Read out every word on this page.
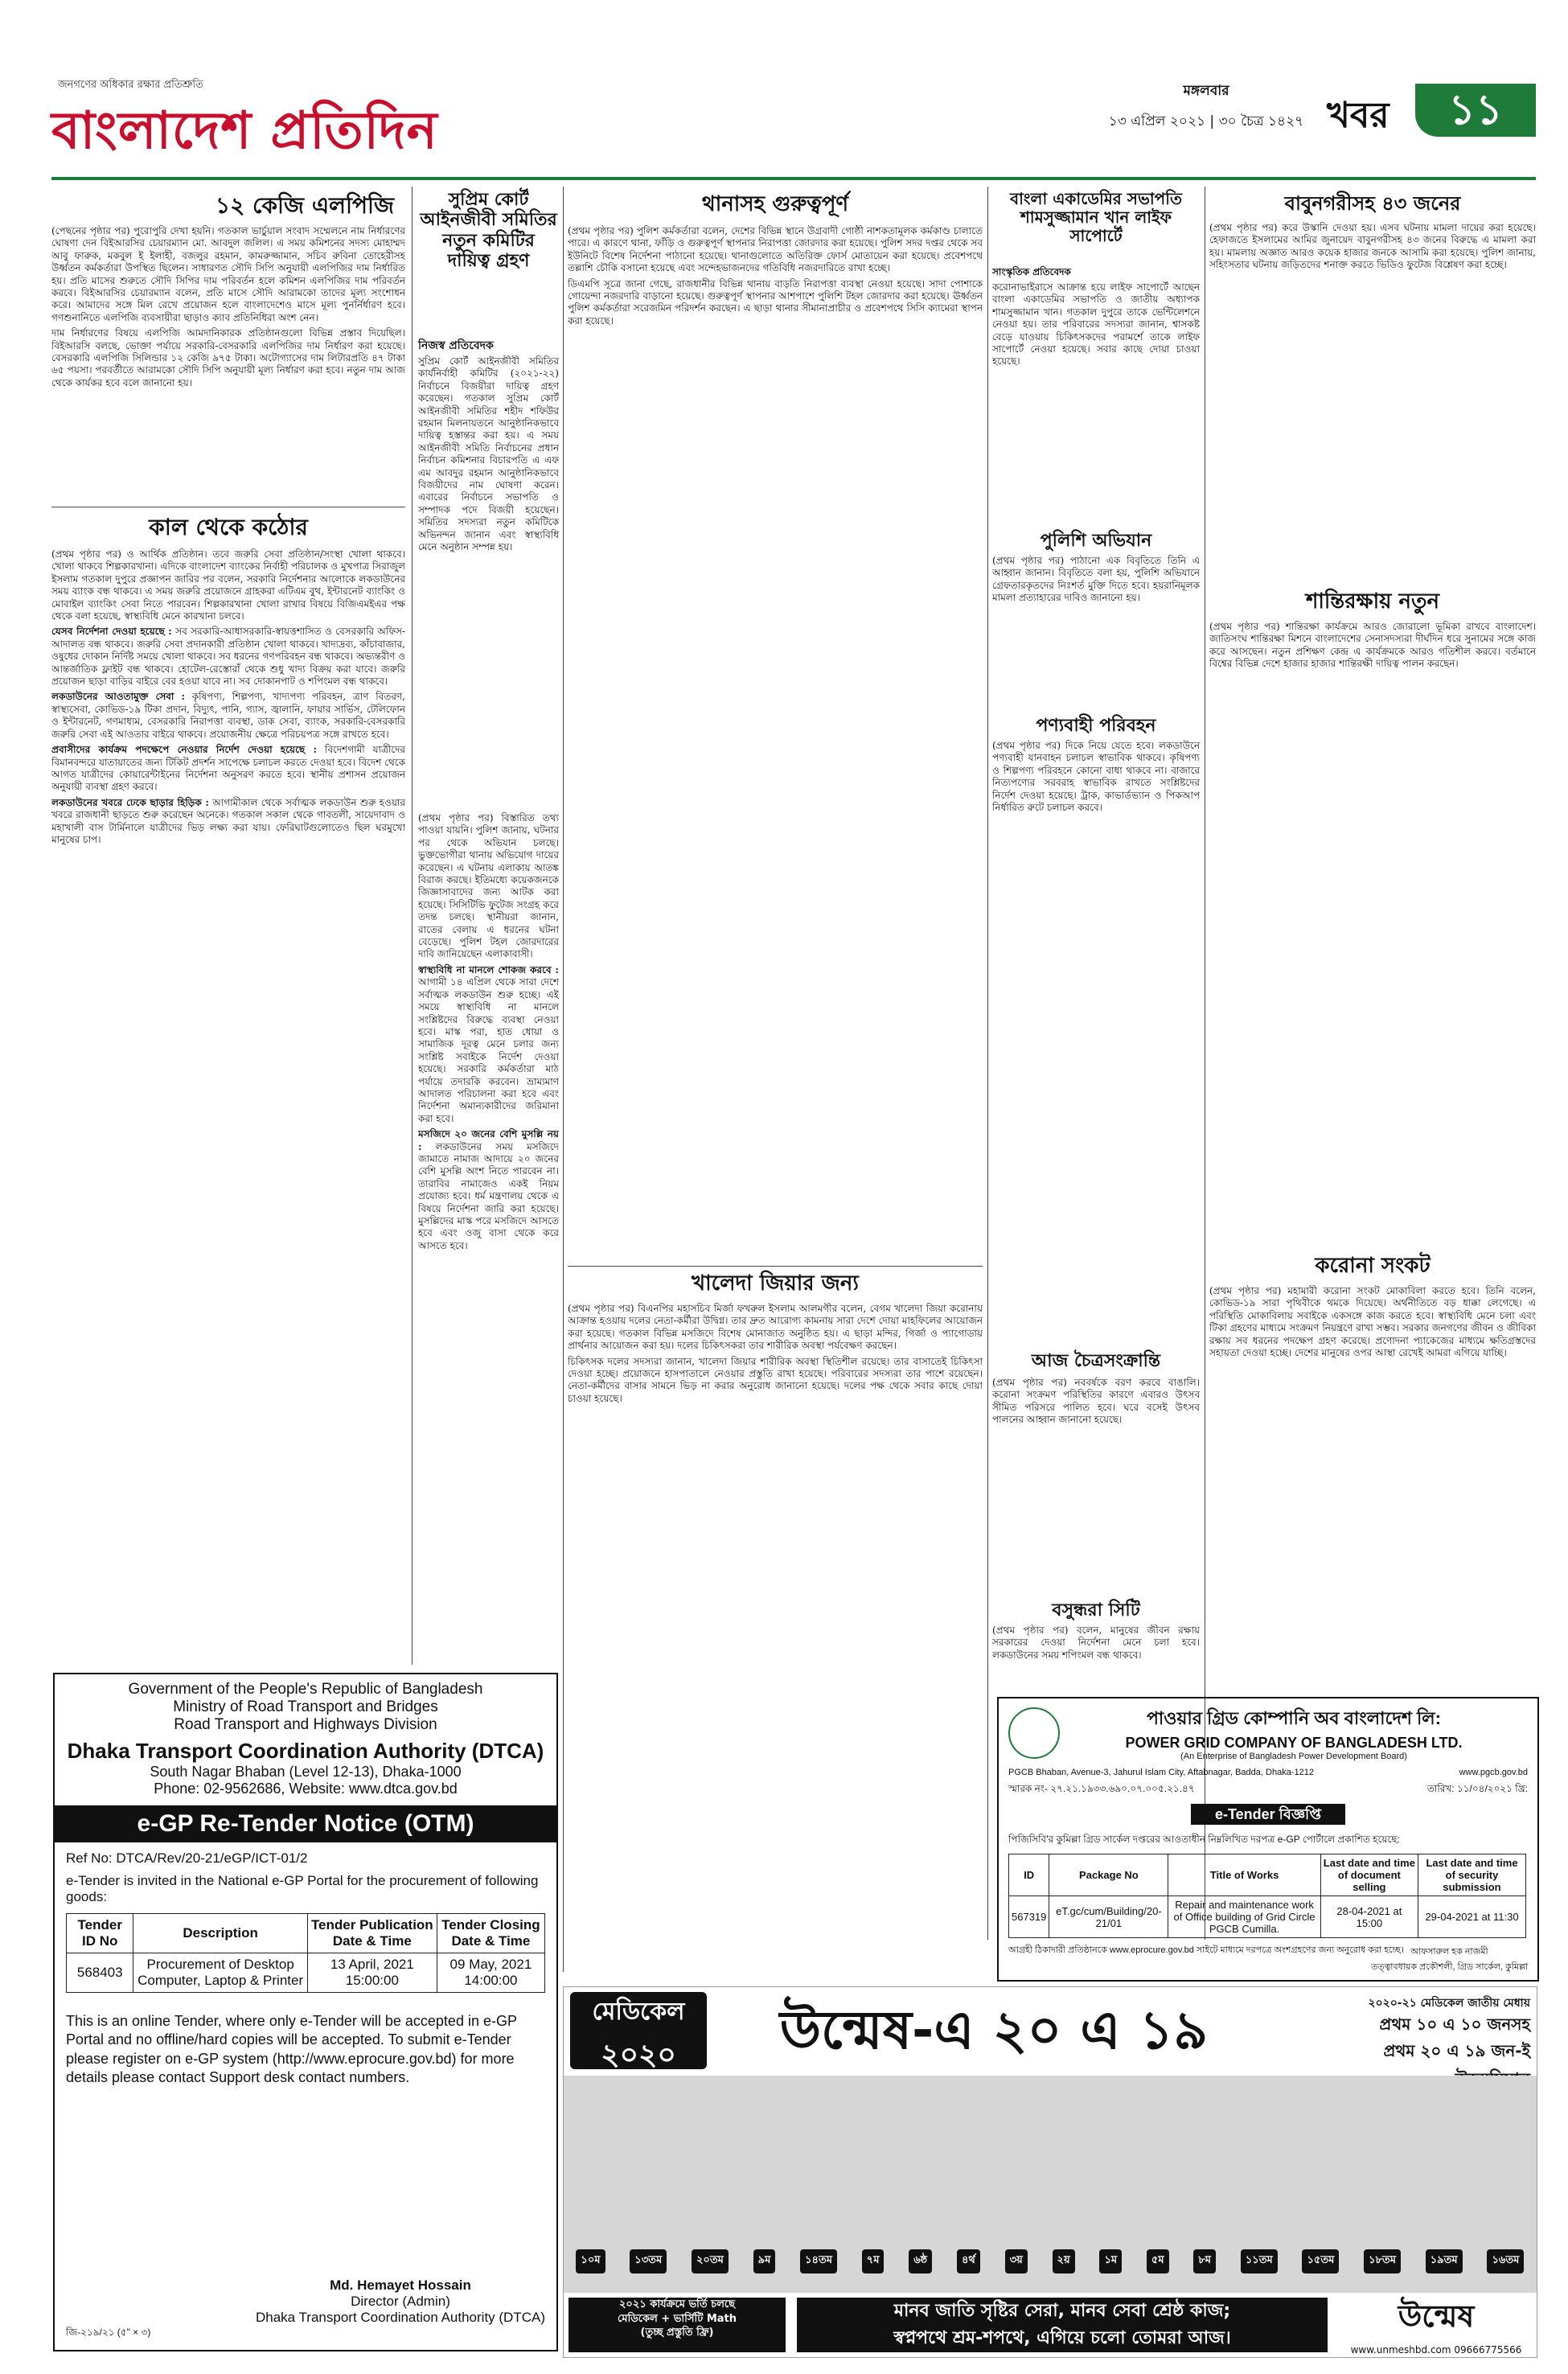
জনগণের অধিকার রক্ষার প্রতিশ্রুতি
বাংলাদেশ প্রতিদিন
মঙ্গলবার
১৩ এপ্রিল ২০২১ | ৩০ চৈত্র ১৪২৭ খবর	১১
১২ কেজি এলপিজি

(পেছনের পৃষ্ঠার পর) পুরোপুরি দেখা হয়নি। গতকাল ভার্চুয়াল সংবাদ সম্মেলনে নাম নির্ধারণের ঘোষণা দেন বিইআরসির চেয়ারম্যান মো. আবদুল জলিল। এ সময় কমিশনের সদস্য মোহাম্মদ আবু ফারুক, মকবুল ই ইলাহী, বজলুর রহমান, কামরুজ্জামান, সচিব রুবিনা তোহেরীসহ উর্ধ্বতন কর্মকর্তারা উপস্থিত ছিলেন। সাধারণত সৌদি সিপি অনুযায়ী এলপিজির দাম নির্ধারিত হয়। প্রতি মাসের শুরুতে সৌদি সিপির দাম পরিবর্তন হলে কমিশন এলপিজির দাম পরিবর্তন করবে। বিইআরসির চেয়ারম্যান বলেন, প্রতি মাসে সৌদি আরামকো তাদের মূল্য সংশোধন করে। আমাদের সঙ্গে মিল রেখে প্রয়োজন হলে বাংলাদেশেও মাসে মূল্য পুনর্নির্ধারণ হবে। গণশুনানিতে এলপিজি ব্যবসায়ীরা ছাড়াও ক্যাব প্রতিনিধিরা অংশ নেন।

দাম নির্ধারণের বিষয়ে এলপিজি আমদানিকারক প্রতিষ্ঠানগুলো বিভিন্ন প্রস্তাব দিয়েছিল। বিইআরসি বলছে, ভোক্তা পর্যায়ে সরকারি-বেসরকারি এলপিজির দাম নির্ধারণ করা হয়েছে। বেসরকারি এলপিজি সিলিন্ডার ১২ কেজি ৯৭৫ টাকা। অটোগ্যাসের দাম লিটারপ্রতি ৪৭ টাকা ৬৫ পয়সা। পরবর্তীতে আরামকো সৌদি সিপি অনুযায়ী মূল্য নির্ধারণ করা হবে। নতুন দাম আজ থেকে কার্যকর হবে বলে জানানো হয়।

কাল থেকে কঠোর

(প্রথম পৃষ্ঠার পর) ও আর্থিক প্রতিষ্ঠান। তবে জরুরি সেবা প্রতিষ্ঠান/সংস্থা খোলা থাকবে। খোলা থাকবে শিল্পকারখানা। এদিকে বাংলাদেশ ব্যাংকের নির্বাহী পরিচালক ও মুখপাত্র সিরাজুল ইসলাম গতকাল দুপুরে প্রজ্ঞাপন জারির পর বলেন, সরকারি নির্দেশনার আলোকে লকডাউনের সময় ব্যাংক বন্ধ থাকবে। এ সময় জরুরি প্রয়োজনে গ্রাহকরা এটিএম বুথ, ইন্টারনেট ব্যাংকিং ও মোবাইল ব্যাংকিং সেবা নিতে পারবেন। শিল্পকারখানা খোলা রাখার বিষয়ে বিজিএমইএর পক্ষ থেকে বলা হয়েছে, স্বাস্থ্যবিধি মেনে কারখানা চলবে।

যেসব নির্দেশনা দেওয়া হয়েছে : সব সরকারি-আধাসরকারি-স্বায়ত্তশাসিত ও বেসরকারি অফিস-আদালত বন্ধ থাকবে। জরুরি সেবা প্রদানকারী প্রতিষ্ঠান খোলা থাকবে। খাদ্যদ্রব্য, কাঁচাবাজার, ওষুধের দোকান নির্দিষ্ট সময়ে খোলা থাকবে। সব ধরনের গণপরিবহন বন্ধ থাকবে। অভ্যন্তরীণ ও আন্তর্জাতিক ফ্লাইট বন্ধ থাকবে। হোটেল-রেস্তোরাঁ থেকে শুধু খাদ্য বিক্রয় করা যাবে। জরুরি প্রয়োজন ছাড়া বাড়ির বাইরে বের হওয়া যাবে না। সব দোকানপাট ও শপিংমল বন্ধ থাকবে।

লকডাউনের আওতামুক্ত সেবা : কৃষিপণ্য, শিল্পপণ্য, খাদ্যপণ্য পরিবহন, ত্রাণ বিতরণ, স্বাস্থ্যসেবা, কোভিড-১৯ টিকা প্রদান, বিদ্যুৎ, পানি, গ্যাস, জ্বালানি, ফায়ার সার্ভিস, টেলিফোন ও ইন্টারনেট, গণমাধ্যম, বেসরকারি নিরাপত্তা ব্যবস্থা, ডাক সেবা, ব্যাংক, সরকারি-বেসরকারি জরুরি সেবা এই আওতার বাইরে থাকবে। প্রয়োজনীয় ক্ষেত্রে পরিচয়পত্র সঙ্গে রাখতে হবে।

প্রবাসীদের কার্যক্রম পদক্ষেপে নেওয়ার নির্দেশ দেওয়া হয়েছে : বিদেশগামী যাত্রীদের বিমানবন্দরে যাতায়াতের জন্য টিকিট প্রদর্শন সাপেক্ষে চলাচল করতে দেওয়া হবে। বিদেশ থেকে আগত যাত্রীদের কোয়ারেন্টাইনের নির্দেশনা অনুসরণ করতে হবে। স্থানীয় প্রশাসন প্রয়োজন অনুযায়ী ব্যবস্থা গ্রহণ করবে।

লকডাউনের খবরে ঢেকে ছাড়ার হিড়িক : আগামীকাল থেকে সর্বাত্মক লকডাউন শুরু হওয়ার খবরে রাজধানী ছাড়তে শুরু করেছেন অনেকে। গতকাল সকাল থেকে গাবতলী, সায়েদাবাদ ও মহাখালী বাস টার্মিনালে যাত্রীদের ভিড় লক্ষ্য করা যায়। ফেরিঘাটগুলোতেও ছিল ঘরমুখো মানুষের চাপ।

সুপ্রিম কোর্ট আইনজীবী সমিতির নতুন কমিটির দায়িত্ব গ্রহণ
নিজস্ব প্রতিবেদক

সুপ্রিম কোর্ট আইনজীবী সমিতির কার্যনির্বাহী কমিটির (২০২১-২২) নির্বাচনে বিজয়ীরা দায়িত্ব গ্রহণ করেছেন। গতকাল সুপ্রিম কোর্ট আইনজীবী সমিতির শহীদ শফিউর রহমান মিলনায়তনে আনুষ্ঠানিকভাবে দায়িত্ব হস্তান্তর করা হয়। এ সময় আইনজীবী সমিতি নির্বাচনের প্রধান নির্বাচন কমিশনার বিচারপতি এ এফ এম আবদুর রহমান আনুষ্ঠানিকভাবে বিজয়ীদের নাম ঘোষণা করেন। এবারের নির্বাচনে সভাপতি ও সম্পাদক পদে বিজয়ী হয়েছেন। সমিতির সদস্যরা নতুন কমিটিকে অভিনন্দন জানান এবং স্বাস্থ্যবিধি মেনে অনুষ্ঠান সম্পন্ন হয়।

(প্রথম পৃষ্ঠার পর) বিস্তারিত তথ্য পাওয়া যায়নি। পুলিশ জানায়, ঘটনার পর থেকে অভিযান চলছে। ভুক্তভোগীরা থানায় অভিযোগ দায়ের করেছেন। এ ঘটনায় এলাকায় আতঙ্ক বিরাজ করছে। ইতিমধ্যে কয়েকজনকে জিজ্ঞাসাবাদের জন্য আটক করা হয়েছে। সিসিটিভি ফুটেজ সংগ্রহ করে তদন্ত চলছে। স্থানীয়রা জানান, রাতের বেলায় এ ধরনের ঘটনা বেড়েছে। পুলিশ টহল জোরদারের দাবি জানিয়েছেন এলাকাবাসী।

স্বাস্থ্যবিধি না মানলে শোকজ করবে : আগামী ১৪ এপ্রিল থেকে সারা দেশে সর্বাত্মক লকডাউন শুরু হচ্ছে। এই সময়ে স্বাস্থ্যবিধি না মানলে সংশ্লিষ্টদের বিরুদ্ধে ব্যবস্থা নেওয়া হবে। মাস্ক পরা, হাত ধোয়া ও সামাজিক দূরত্ব মেনে চলার জন্য সংশ্লিষ্ট সবাইকে নির্দেশ দেওয়া হয়েছে। সরকারি কর্মকর্তারা মাঠ পর্যায়ে তদারকি করবেন। ভ্রাম্যমাণ আদালত পরিচালনা করা হবে এবং নির্দেশনা অমান্যকারীদের জরিমানা করা হবে।

মসজিদে ২০ জনের বেশি মুসল্লি নয় : লকডাউনের সময় মসজিদে জামাতে নামাজ আদায়ে ২০ জনের বেশি মুসল্লি অংশ নিতে পারবেন না। তারাবির নামাজেও একই নিয়ম প্রযোজ্য হবে। ধর্ম মন্ত্রণালয় থেকে এ বিষয়ে নির্দেশনা জারি করা হয়েছে। মুসল্লিদের মাস্ক পরে মসজিদে আসতে হবে এবং ওজু বাসা থেকে করে আসতে হবে।

থানাসহ গুরুত্বপূর্ণ

(প্রথম পৃষ্ঠার পর) পুলিশ কর্মকর্তারা বলেন, দেশের বিভিন্ন স্থানে উগ্রবাদী গোষ্ঠী নাশকতামূলক কর্মকাণ্ড চালাতে পারে। এ কারণে থানা, ফাঁড়ি ও গুরুত্বপূর্ণ স্থাপনার নিরাপত্তা জোরদার করা হয়েছে। পুলিশ সদর দপ্তর থেকে সব ইউনিটে বিশেষ নির্দেশনা পাঠানো হয়েছে। থানাগুলোতে অতিরিক্ত ফোর্স মোতায়েন করা হয়েছে। প্রবেশপথে তল্লাশি চৌকি বসানো হয়েছে এবং সন্দেহভাজনদের গতিবিধি নজরদারিতে রাখা হচ্ছে।

ডিএমপি সূত্রে জানা গেছে, রাজধানীর বিভিন্ন থানায় বাড়তি নিরাপত্তা ব্যবস্থা নেওয়া হয়েছে। সাদা পোশাকে গোয়েন্দা নজরদারি বাড়ানো হয়েছে। গুরুত্বপূর্ণ স্থাপনার আশপাশে পুলিশি টহল জোরদার করা হয়েছে। ঊর্ধ্বতন পুলিশ কর্মকর্তারা সরেজমিন পরিদর্শন করছেন। এ ছাড়া থানার সীমানাপ্রাচীর ও প্রবেশপথে সিসি ক্যামেরা স্থাপন করা হয়েছে।

খালেদা জিয়ার জন্য

(প্রথম পৃষ্ঠার পর) বিএনপির মহাসচিব মির্জা ফখরুল ইসলাম আলমগীর বলেন, বেগম খালেদা জিয়া করোনায় আক্রান্ত হওয়ায় দলের নেতা-কর্মীরা উদ্বিগ্ন। তার দ্রুত আরোগ্য কামনায় সারা দেশে দোয়া মাহফিলের আয়োজন করা হয়েছে। গতকাল বিভিন্ন মসজিদে বিশেষ মোনাজাত অনুষ্ঠিত হয়। এ ছাড়া মন্দির, গির্জা ও প্যাগোডায় প্রার্থনার আয়োজন করা হয়। দলের চিকিৎসকরা তার শারীরিক অবস্থা পর্যবেক্ষণ করছেন।

চিকিৎসক দলের সদস্যরা জানান, খালেদা জিয়ার শারীরিক অবস্থা স্থিতিশীল রয়েছে। তার বাসাতেই চিকিৎসা দেওয়া হচ্ছে। প্রয়োজনে হাসপাতালে নেওয়ার প্রস্তুতি রাখা হয়েছে। পরিবারের সদস্যরা তার পাশে রয়েছেন। নেতা-কর্মীদের বাসার সামনে ভিড় না করার অনুরোধ জানানো হয়েছে। দলের পক্ষ থেকে সবার কাছে দোয়া চাওয়া হয়েছে।

বাংলা একাডেমির সভাপতি শামসুজ্জামান খান লাইফ সাপোর্টে
সাংস্কৃতিক প্রতিবেদক

করোনাভাইরাসে আক্রান্ত হয়ে লাইফ সাপোর্টে আছেন বাংলা একাডেমির সভাপতি ও জাতীয় অধ্যাপক শামসুজ্জামান খান। গতকাল দুপুরে তাকে ভেন্টিলেশনে নেওয়া হয়। তার পরিবারের সদস্যরা জানান, শ্বাসকষ্ট বেড়ে যাওয়ায় চিকিৎসকদের পরামর্শে তাকে লাইফ সাপোর্টে নেওয়া হয়েছে। সবার কাছে দোয়া চাওয়া হয়েছে।

পুলিশি অভিযান

(প্রথম পৃষ্ঠার পর) পাঠানো এক বিবৃতিতে তিনি এ আহ্বান জানান। বিবৃতিতে বলা হয়, পুলিশি অভিযানে গ্রেফতারকৃতদের নিঃশর্ত মুক্তি দিতে হবে। হয়রানিমূলক মামলা প্রত্যাহারের দাবিও জানানো হয়।

পণ্যবাহী পরিবহন

(প্রথম পৃষ্ঠার পর) দিকে নিয়ে যেতে হবে। লকডাউনে পণ্যবাহী যানবাহন চলাচল স্বাভাবিক থাকবে। কৃষিপণ্য ও শিল্পপণ্য পরিবহনে কোনো বাধা থাকবে না। বাজারে নিত্যপণ্যের সরবরাহ স্বাভাবিক রাখতে সংশ্লিষ্টদের নির্দেশ দেওয়া হয়েছে। ট্রাক, কাভার্ডভ্যান ও পিকআপ নির্ধারিত রুটে চলাচল করবে।

আজ চৈত্রসংক্রান্তি

(প্রথম পৃষ্ঠার পর) নববর্ষকে বরণ করবে বাঙালি। করোনা সংক্রমণ পরিস্থিতির কারণে এবারও উৎসব সীমিত পরিসরে পালিত হবে। ঘরে বসেই উৎসব পালনের আহ্বান জানানো হয়েছে।

বসুন্ধরা সিটি

(প্রথম পৃষ্ঠার পর) বলেন, মানুষের জীবন রক্ষায় সরকারের দেওয়া নির্দেশনা মেনে চলা হবে। লকডাউনের সময় শপিংমল বন্ধ থাকবে।

বাবুনগরীসহ ৪৩ জনের

(প্রথম পৃষ্ঠার পর) করে উস্কানি দেওয়া হয়। এসব ঘটনায় মামলা দায়ের করা হয়েছে। হেফাজতে ইসলামের আমির জুনায়েদ বাবুনগরীসহ ৪৩ জনের বিরুদ্ধে এ মামলা করা হয়। মামলায় অজ্ঞাত আরও কয়েক হাজার জনকে আসামি করা হয়েছে। পুলিশ জানায়, সহিংসতার ঘটনায় জড়িতদের শনাক্ত করতে ভিডিও ফুটেজ বিশ্লেষণ করা হচ্ছে।

শান্তিরক্ষায় নতুন

(প্রথম পৃষ্ঠার পর) শান্তিরক্ষা কার্যক্রমে আরও জোরালো ভূমিকা রাখবে বাংলাদেশ। জাতিসংঘ শান্তিরক্ষা মিশনে বাংলাদেশের সেনাসদস্যরা দীর্ঘদিন ধরে সুনামের সঙ্গে কাজ করে আসছেন। নতুন প্রশিক্ষণ কেন্দ্র এ কার্যক্রমকে আরও গতিশীল করবে। বর্তমানে বিশ্বের বিভিন্ন দেশে হাজার হাজার শান্তিরক্ষী দায়িত্ব পালন করছেন।

করোনা সংকট

(প্রথম পৃষ্ঠার পর) মহামারী করোনা সংকট মোকাবিলা করতে হবে। তিনি বলেন, কোভিড-১৯ সারা পৃথিবীকে থমকে দিয়েছে। অর্থনীতিতে বড় ধাক্কা লেগেছে। এ পরিস্থিতি মোকাবিলায় সবাইকে একসঙ্গে কাজ করতে হবে। স্বাস্থ্যবিধি মেনে চলা এবং টিকা গ্রহণের মাধ্যমে সংক্রমণ নিয়ন্ত্রণে রাখা সম্ভব। সরকার জনগণের জীবন ও জীবিকা রক্ষায় সব ধরনের পদক্ষেপ গ্রহণ করেছে। প্রণোদনা প্যাকেজের মাধ্যমে ক্ষতিগ্রস্তদের সহায়তা দেওয়া হচ্ছে। দেশের মানুষের ওপর আস্থা রেখেই আমরা এগিয়ে যাচ্ছি।

Government of the People's Republic of Bangladesh
Ministry of Road Transport and Bridges
Road Transport and Highways Division
Dhaka Transport Coordination Authority (DTCA)
South Nagar Bhaban (Level 12-13), Dhaka-1000
Phone: 02-9562686, Website: www.dtca.gov.bd
e-GP Re-Tender Notice (OTM)
Ref No: DTCA/Rev/20-21/eGP/ICT-01/2
e-Tender is invited in the National e-GP Portal for the procurement of following goods:
Tender ID No	Description	Tender Publication Date & Time	Tender Closing Date & Time
568403	Procurement of Desktop Computer, Laptop & Printer	13 April, 2021 15:00:00	09 May, 2021 14:00:00
This is an online Tender, where only e-Tender will be accepted in e-GP Portal and no offline/hard copies will be accepted. To submit e-Tender please register on e-GP system (http://www.eprocure.gov.bd) for more details please contact Support desk contact numbers.
Md. Hemayet Hossain
Director (Admin)
Dhaka Transport Coordination Authority (DTCA)
জি-২১৯/২১ (৫" × ৩)
পাওয়ার গ্রিড কোম্পানি অব বাংলাদেশ লি:
POWER GRID COMPANY OF BANGLADESH LTD.
(An Enterprise of Bangladesh Power Development Board)
PGCB Bhaban, Avenue-3, Jahurul Islam City, Aftabnagar, Badda, Dhaka-1212	www.pgcb.gov.bd
স্মারক নং- ২৭.২১.১৯৩৩.৬৯০.০৭.০০৫.২১.৪৭	তারিখ: ১১/০৪/২০২১ খ্রি:
e-Tender বিজ্ঞপ্তি
পিজিসিবি'র কুমিল্লা গ্রিড সার্কেল দপ্তরের আওতাধীন নিম্নলিখিত দরপত্র e-GP পোর্টালে প্রকাশিত হয়েছে:
ID	Package No	Title of Works	Last date and time of document selling	Last date and time of security submission
567319	eT.gc/cum/Building/20-21/01	Repair and maintenance work of Office building of Grid Circle PGCB Cumilla.	28-04-2021 at 15:00	29-04-2021 at 11:30
আগ্রহী ঠিকাদারী প্রতিষ্ঠানকে www.eprocure.gov.bd সাইটে মাধ্যমে দরপত্রে অংশগ্রহণের জন্য অনুরোধ করা হচ্ছে। আফসারুল হক নাজমী
তত্ত্বাবধায়ক প্রকৌশলী, গ্রিড সার্কেল, কুমিল্লা
মেডিকেল
২০২০	উন্মেষ-এ ২০ এ ১৯	২০২০-২১ মেডিকেল জাতীয় মেধায়
প্রথম ১০ এ ১০ জনসহ
প্রথম ২০ এ ১৯ জন-ই
১০ম	১৩তম	২০তম	৯ম	১৪তম	৭ম	৬ষ্ঠ	৪র্থ	৩য়	২য়	১ম	৫ম	৮ম	১১তম	১৫তম	১৮তম	১৯তম	১৬তম
২০২১ কার্যক্রমে ভর্তি চলছে
মেডিকেল + ভার্সিটি Math
(তুচ্ছ প্রস্তুতি ফ্রি)
মানব জাতি সৃষ্টির সেরা, মানব সেবা শ্রেষ্ঠ কাজ;
স্বপ্নপথে শ্রম-শপথে, এগিয়ে চলো তোমরা আজ।
উন্মেষ
www.unmeshbd.com 09666775566
